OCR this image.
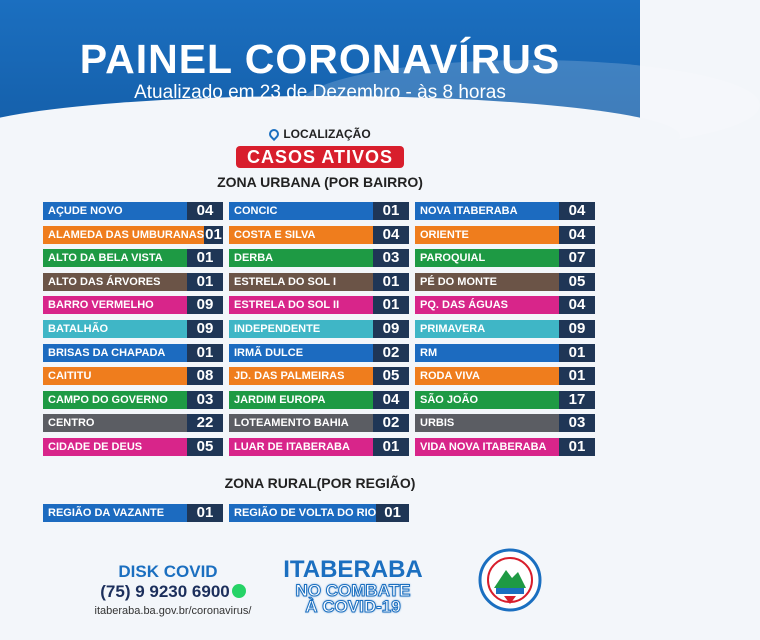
PAINEL CORONAVÍRUS
Atualizado em 23 de Dezembro - às 8 horas
LOCALIZAÇÃO
CASOS ATIVOS
ZONA URBANA (POR BAIRRO)
AÇUDE NOVO	04
ALAMEDA DAS UMBURANAS 01
ALTO DA BELA VISTA	01
ALTO DAS ÁRVORES	01
BARRO VERMELHO	09
BATALHÃO	09
BRISAS DA CHAPADA	01
CAITITU	08
CAMPO DO GOVERNO	03
CENTRO	22
CIDADE DE DEUS	05
CONCIC	01
COSTA E SILVA	04
DERBA	03
ESTRELA DO SOL I	01
ESTRELA DO SOL II	01
INDEPENDENTE	09
IRMÃ DULCE	02
JD. DAS PALMEIRAS	05
JARDIM EUROPA	04
LOTEAMENTO BAHIA	02
LUAR DE ITABERABA	01
NOVA ITABERABA	04
ORIENTE	04
PAROQUIAL	07
PÉ DO MONTE	05
PQ. DAS ÁGUAS	04
PRIMAVERA	09
RM	01
RODA VIVA	01
SÃO JOÃO	17
URBIS	03
VIDA NOVA ITABERABA	01
ZONA RURAL(POR REGIÃO)
REGIÃO DA VAZANTE	01	REGIÃO DE VOLTA DO RIO 01
DISK COVID
(75) 9 9230 6900
itaberaba.ba.gov.br/coronavirus/
ITABERABA
NO COMBATE
À COVID-19
